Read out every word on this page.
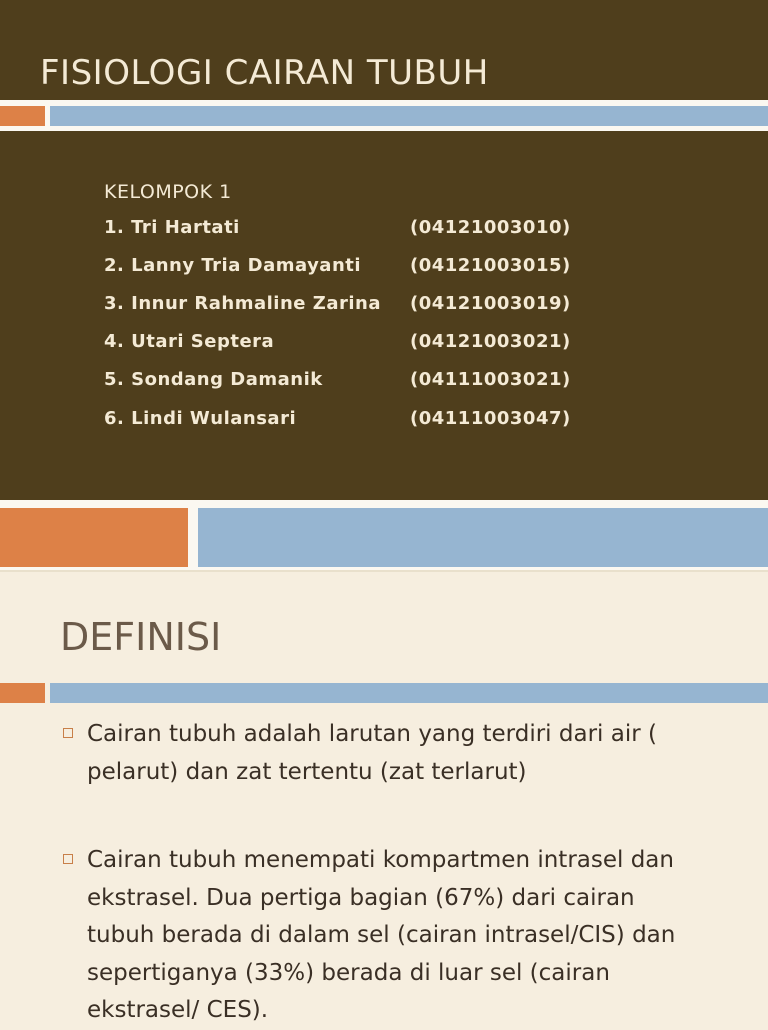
FISIOLOGI CAIRAN TUBUH
KELOMPOK 1
1. Tri Hartati	(04121003010)
2. Lanny Tria Damayanti	(04121003015)
3. Innur Rahmaline Zarina (04121003019)
4. Utari Septera	(04121003021)
5. Sondang Damanik	(04111003021)
6. Lindi Wulansari	(04111003047)
DEFINISI
Cairan tubuh adalah larutan yang terdiri dari air ( pelarut) dan zat tertentu (zat terlarut)
Cairan tubuh menempati kompartmen intrasel dan ekstrasel. Dua pertiga bagian (67%) dari cairan tubuh berada di dalam sel (cairan intrasel/CIS) dan sepertiganya (33%) berada di luar sel (cairan ekstrasel/ CES).
